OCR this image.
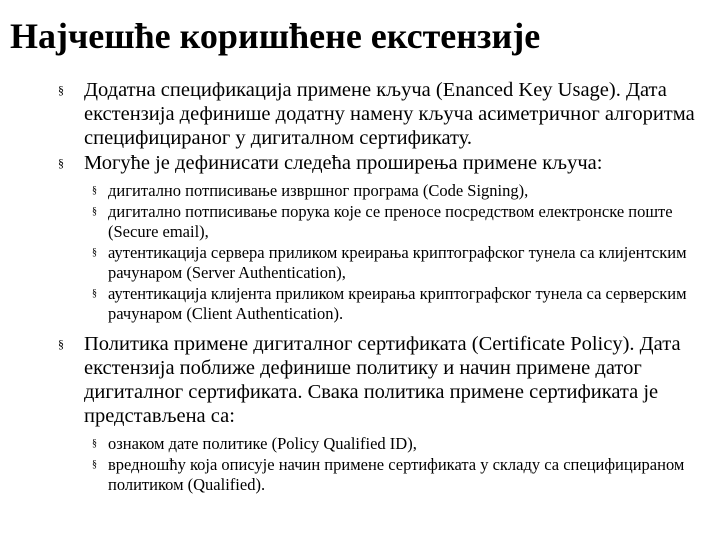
Најчешће коришћене екстензије
§ Додатна спецификација примене кључа (Enanced Key Usage). Дата екстензија дефинише додатну намену кључа асиметричног алгоритма специфицираног у дигиталном сертификату.
§ Могуће је дефинисати следећа проширења примене кључа:
§ дигитално потписивање извршног програма (Code Signing),
§ дигитално потписивање порука које се преносе посредством електронске поште (Secure email),
§ аутентикација сервера приликом креирања криптографског тунела са клијентским рачунаром (Server Authentication),
§ аутентикација клијента приликом креирања криптографског тунела са серверским рачунаром (Client Authentication).
§ Политика примене дигиталног сертификата (Certificate Policy). Дата екстензија поближе дефинише политику и начин примене датог дигиталног сертификата. Свака политика примене сертификата је представљена са:
§ ознаком дате политике (Policy Qualified ID),
§ вредношћу која описује начин примене сертификата у складу са специфицираном политиком (Qualified).
